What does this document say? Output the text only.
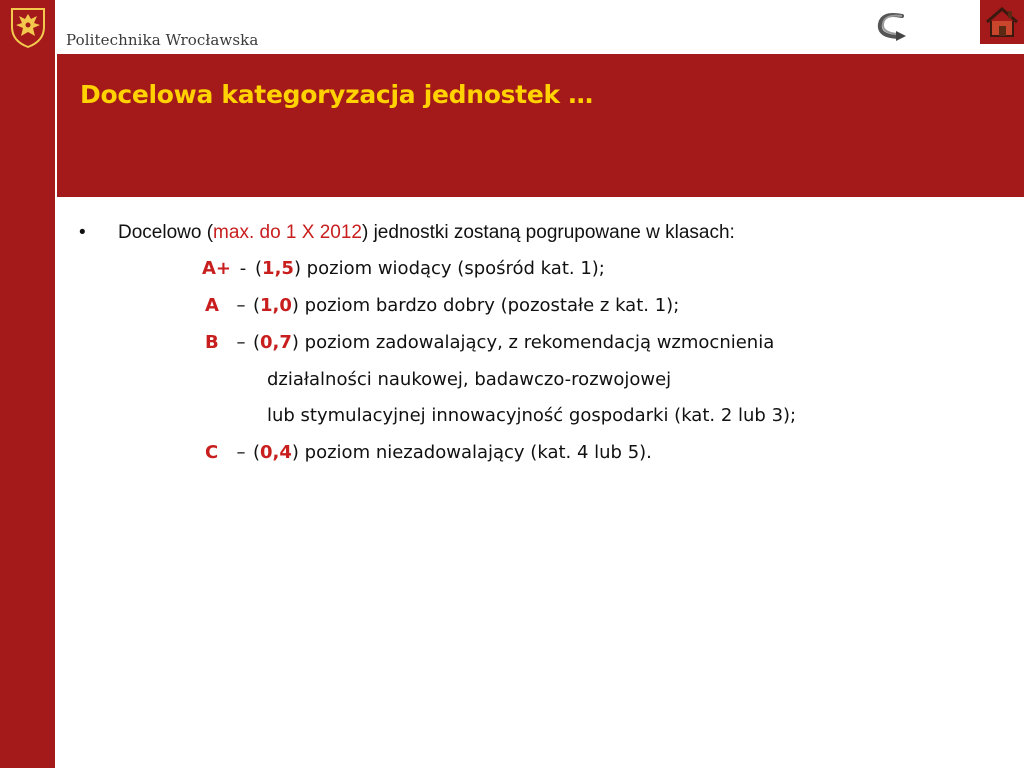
Politechnika Wrocławska
Docelowa kategoryzacja jednostek …
• Docelowo (max. do 1 X 2012) jednostki zostaną pogrupowane w klasach:
A+ - (1,5) poziom wiodący (spośród kat. 1);
A – (1,0) poziom bardzo dobry (pozostałe z kat. 1);
B – (0,7) poziom zadowalający, z rekomendacją wzmocnienia
działalności naukowej, badawczo-rozwojowej
lub stymulacyjnej innowacyjność gospodarki (kat. 2 lub 3);
C – (0,4) poziom niezadowalający (kat. 4 lub 5).
